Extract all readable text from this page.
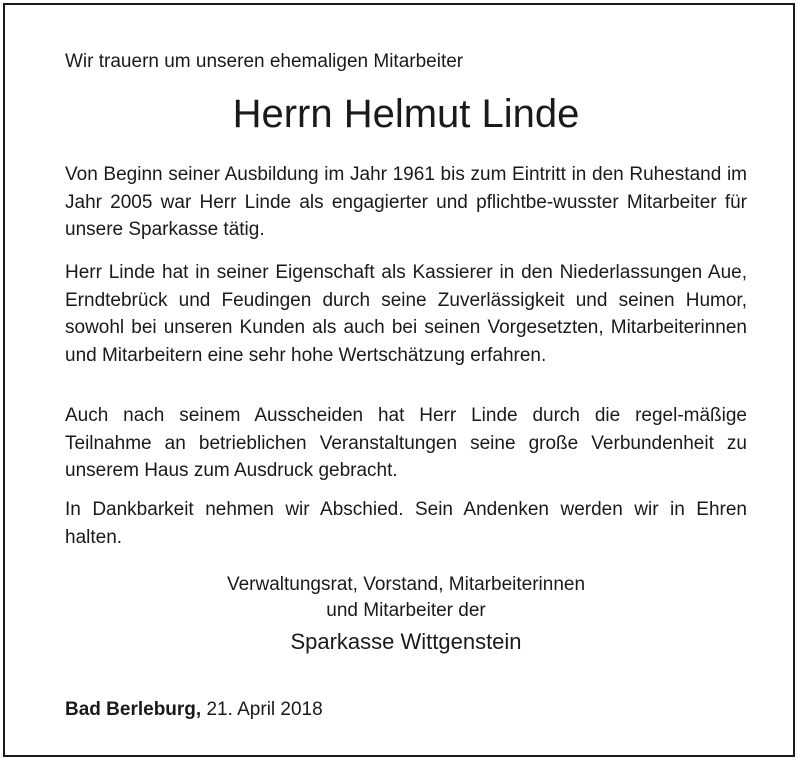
Wir trauern um unseren ehemaligen Mitarbeiter
Herrn Helmut Linde

Von Beginn seiner Ausbildung im Jahr 1961 bis zum Eintritt in den Ruhestand im Jahr 2005 war Herr Linde als engagierter und pflichtbe-wusster Mitarbeiter für unsere Sparkasse tätig.

Herr Linde hat in seiner Eigenschaft als Kassierer in den Niederlassungen Aue, Erndtebrück und Feudingen durch seine Zuverlässigkeit und seinen Humor, sowohl bei unseren Kunden als auch bei seinen Vorgesetzten, Mitarbeiterinnen und Mitarbeitern eine sehr hohe Wertschätzung erfahren.

Auch nach seinem Ausscheiden hat Herr Linde durch die regel-mäßige Teilnahme an betrieblichen Veranstaltungen seine große Verbundenheit zu unserem Haus zum Ausdruck gebracht.

In Dankbarkeit nehmen wir Abschied. Sein Andenken werden wir in Ehren halten.

Verwaltungsrat, Vorstand, Mitarbeiterinnen
und Mitarbeiter der
Sparkasse Wittgenstein
Bad Berleburg, 21. April 2018
